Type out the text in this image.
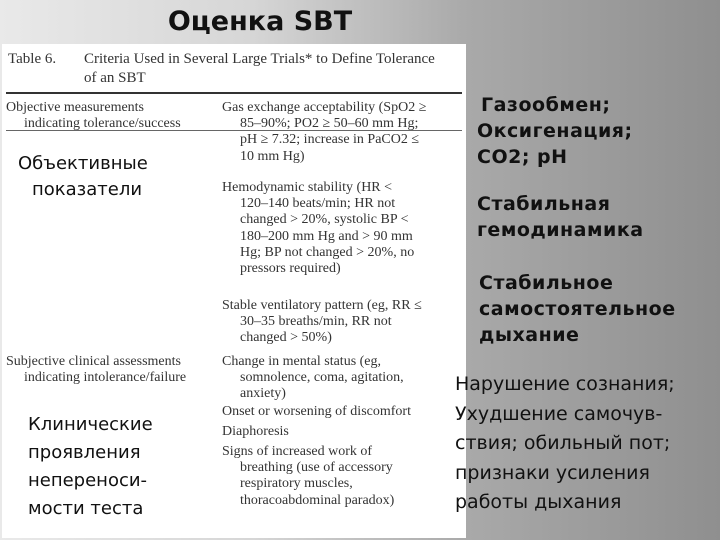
Оценка SBT
Table 6. Criteria Used in Several Large Trials* to Define Tolerance
of an SBT
Objective measurements
indicating tolerance/success
Subjective clinical assessments
indicating intolerance/failure
Gas exchange acceptability (SpO2 ≥
85–90%; PO2 ≥ 50–60 mm Hg;
pH ≥ 7.32; increase in PaCO2 ≤
10 mm Hg)
Hemodynamic stability (HR <
120–140 beats/min; HR not
changed > 20%, systolic BP <
180–200 mm Hg and > 90 mm
Hg; BP not changed > 20%, no
pressors required)
Stable ventilatory pattern (eg, RR ≤
30–35 breaths/min, RR not
changed > 50%)
Change in mental status (eg,
somnolence, coma, agitation,
anxiety)
Onset or worsening of discomfort
Diaphoresis
Signs of increased work of
breathing (use of accessory
respiratory muscles,
thoracoabdominal paradox)
Объективные
показатели
Клинические
проявления
непереноси-
мости теста
Газообмен;
Оксигенация;
СО2; pH
Стабильная
гемодинамика
Стабильное
самостоятельное
дыхание
Нарушение сознания;
Ухудшение самочув-
ствия; обильный пот;
признаки усиления
работы дыхания
